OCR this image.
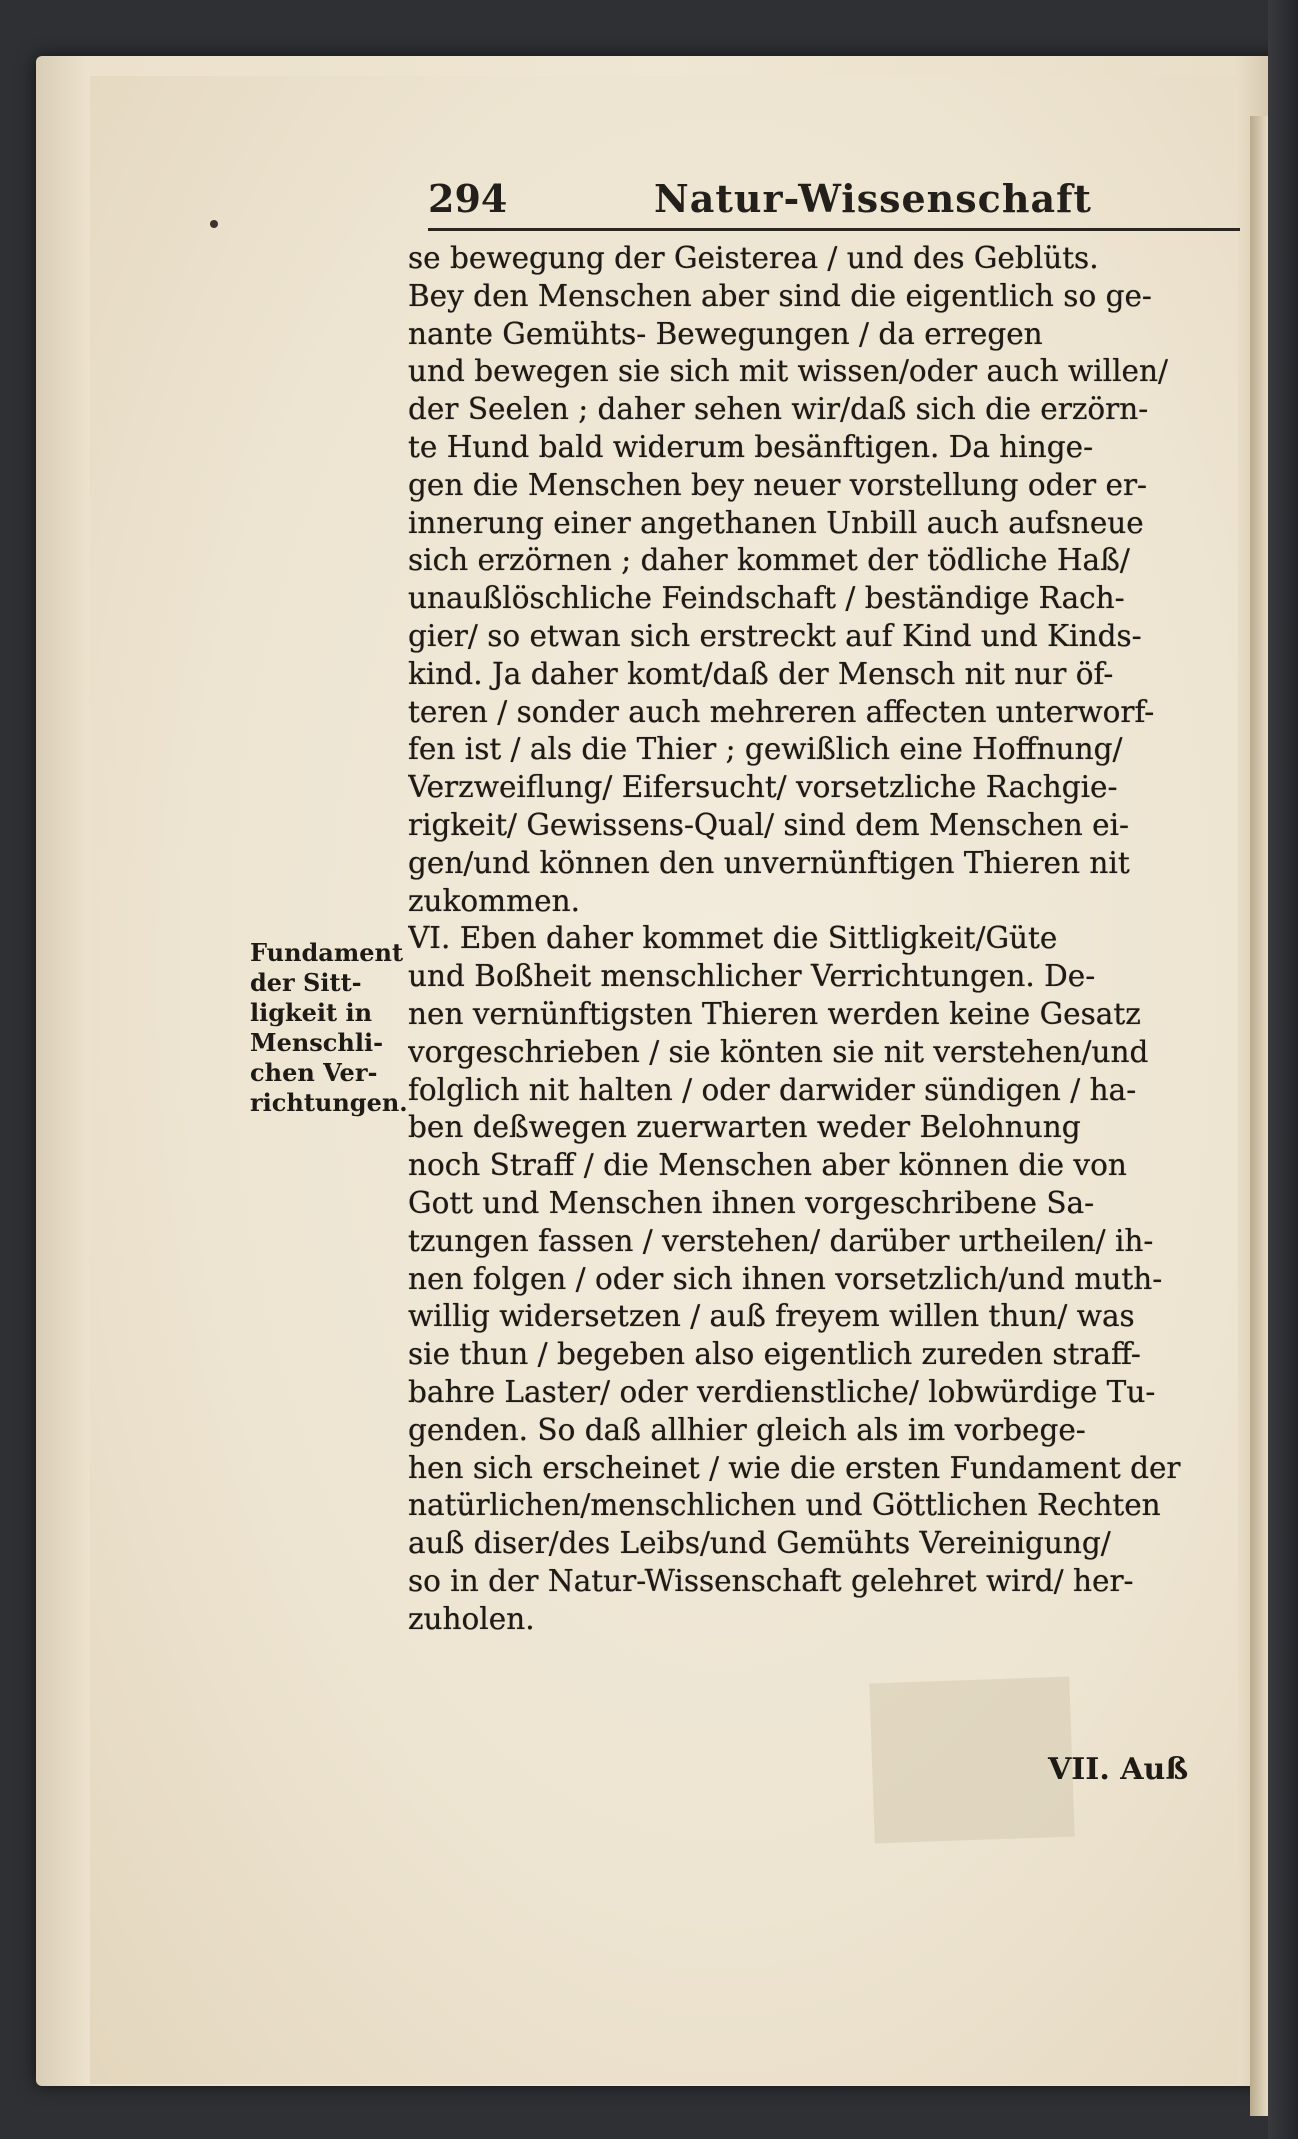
294	Natur-Wissenschaft
se bewegung der Geisterea / und des Geblüts.
Bey den Menschen aber sind die eigentlich so ge-
nante Gemühts- Bewegungen / da erregen
und bewegen sie sich mit wissen/oder auch willen/
der Seelen ; daher sehen wir/daß sich die erzörn-
te Hund bald widerum besänftigen. Da hinge-
gen die Menschen bey neuer vorstellung oder er-
innerung einer angethanen Unbill auch aufsneue
sich erzörnen ; daher kommet der tödliche Haß/
unaußlöschliche Feindschaft / beständige Rach-
gier/ so etwan sich erstreckt auf Kind und Kinds-
kind. Ja daher komt/daß der Mensch nit nur öf-
teren / sonder auch mehreren affecten unterworf-
fen ist / als die Thier ; gewißlich eine Hoffnung/
Verzweiflung/ Eifersucht/ vorsetzliche Rachgie-
rigkeit/ Gewissens-Qual/ sind dem Menschen ei-
gen/und können den unvernünftigen Thieren nit
zukommen.
VI. Eben daher kommet die Sittligkeit/Güte
und Boßheit menschlicher Verrichtungen. De-
nen vernünftigsten Thieren werden keine Gesatz
vorgeschrieben / sie könten sie nit verstehen/und
folglich nit halten / oder darwider sündigen / ha-
ben deßwegen zuerwarten weder Belohnung
noch Straff / die Menschen aber können die von
Gott und Menschen ihnen vorgeschribene Sa-
tzungen fassen / verstehen/ darüber urtheilen/ ih-
nen folgen / oder sich ihnen vorsetzlich/und muth-
willig widersetzen / auß freyem willen thun/ was
sie thun / begeben also eigentlich zureden straff-
bahre Laster/ oder verdienstliche/ lobwürdige Tu-
genden. So daß allhier gleich als im vorbege-
hen sich erscheinet / wie die ersten Fundament der
natürlichen/menschlichen und Göttlichen Rechten
auß diser/des Leibs/und Gemühts Vereinigung/
so in der Natur-Wissenschaft gelehret wird/ her-
zuholen.
Fundament
der Sitt-
ligkeit in
Menschli-
chen Ver-
richtungen.
VII. Auß
